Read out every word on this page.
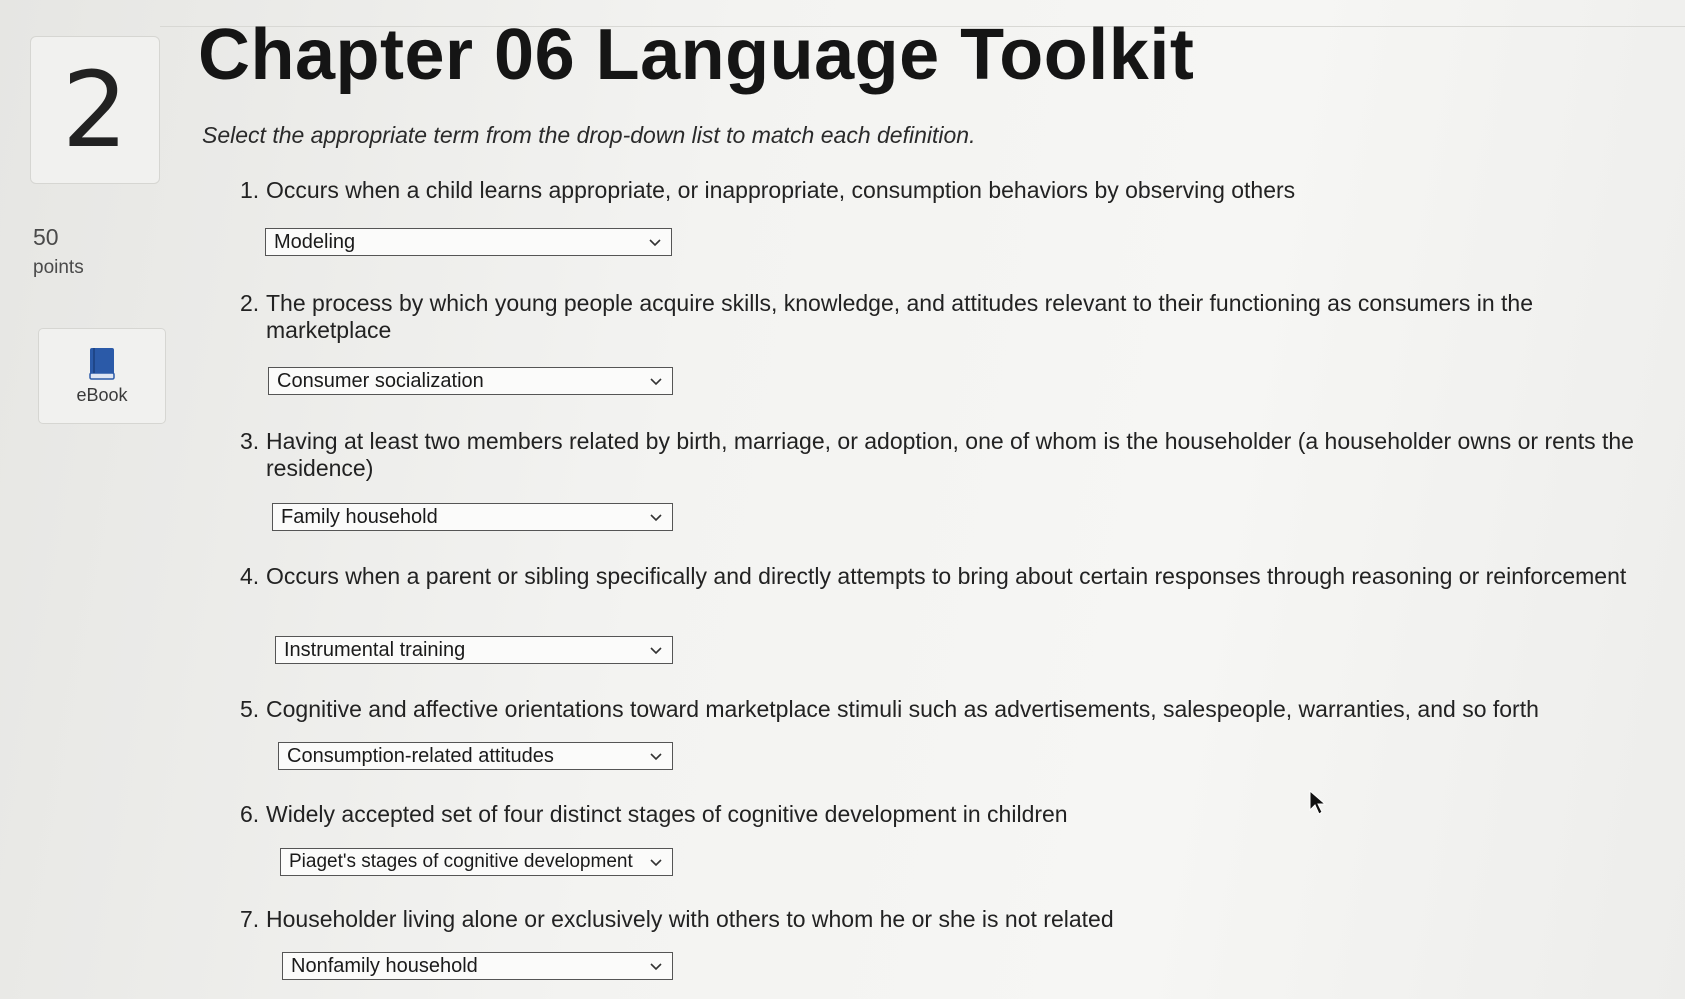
2
50
points
eBook
Chapter 06 Language Toolkit
Select the appropriate term from the drop-down list to match each definition.
1. Occurs when a child learns appropriate, or inappropriate, consumption behaviors by observing others
Modeling
2. The process by which young people acquire skills, knowledge, and attitudes relevant to their functioning as consumers in the marketplace
Consumer socialization
3. Having at least two members related by birth, marriage, or adoption, one of whom is the householder (a householder owns or rents the residence)
Family household
4. Occurs when a parent or sibling specifically and directly attempts to bring about certain responses through reasoning or reinforcement
Instrumental training
5. Cognitive and affective orientations toward marketplace stimuli such as advertisements, salespeople, warranties, and so forth
Consumption-related attitudes
6. Widely accepted set of four distinct stages of cognitive development in children
Piaget's stages of cognitive development
7. Householder living alone or exclusively with others to whom he or she is not related
Nonfamily household
